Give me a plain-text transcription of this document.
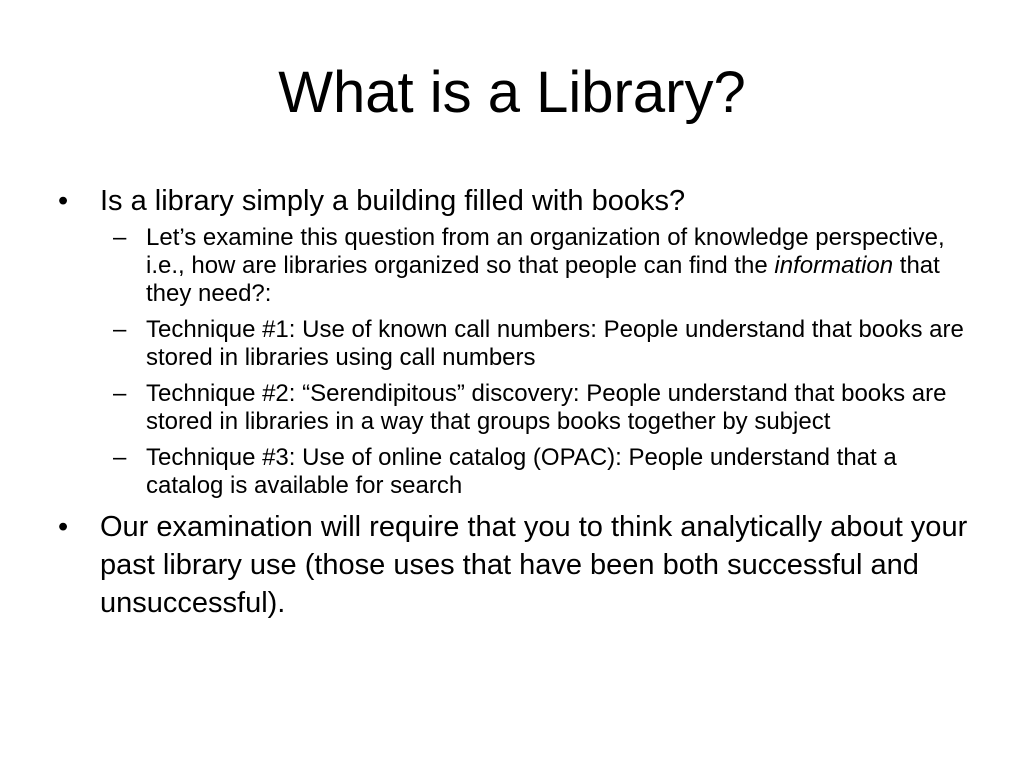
What is a Library?
•	Is a library simply a building filled with books?
– Let’s examine this question from an organization of knowledge perspective, i.e., how are libraries organized so that people can find the information that they need?:
– Technique #1: Use of known call numbers: People understand that books are stored in libraries using call numbers
– Technique #2: “Serendipitous” discovery: People understand that books are stored in libraries in a way that groups books together by subject
– Technique #3: Use of online catalog (OPAC): People understand that a catalog is available for search
•	Our examination will require that you to think analytically about your past library use (those uses that have been both successful and unsuccessful).
